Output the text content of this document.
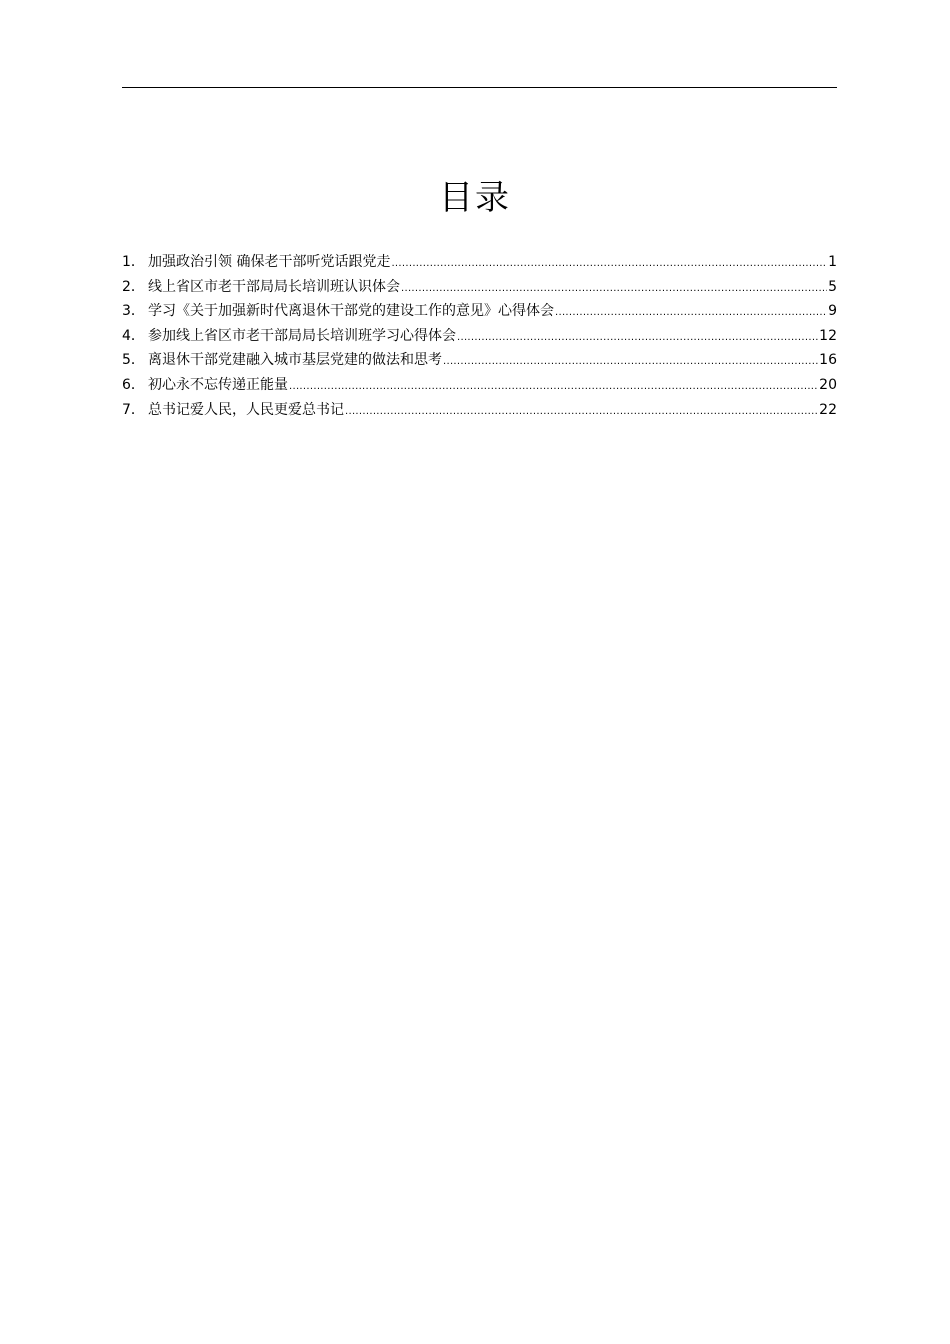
目录
1． 加强政治引领 确保老干部听党话跟党走 .....	1
2． 线上省区市老干部局局长培训班认识体会 .....	5
3． 学习《关于加强新时代离退休干部党的建设工作的意见》心得体会 .....	9
4． 参加线上省区市老干部局局长培训班学习心得体会 .....	12
5． 离退休干部党建融入城市基层党建的做法和思考 .....	16
6． 初心永不忘传递正能量 .....	20
7． 总书记爱人民，人民更爱总书记 .....	22
